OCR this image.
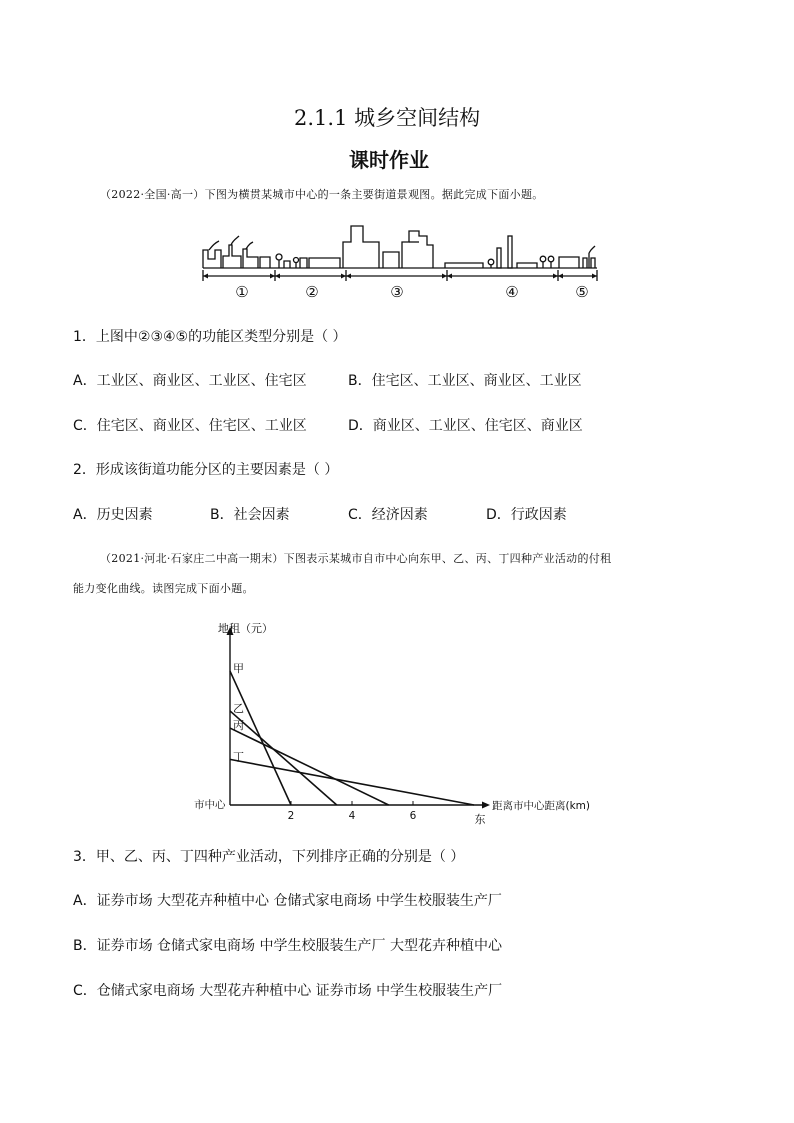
2.1.1 城乡空间结构
课时作业
（2022·全国·高一）下图为横贯某城市中心的一条主要街道景观图。据此完成下面小题。
①	②	③	④	⑤
1．上图中②③④⑤的功能区类型分别是（ ）
A．工业区、商业区、工业区、住宅区	B．住宅区、工业区、商业区、工业区
C．住宅区、商业区、住宅区、工业区	D．商业区、工业区、住宅区、商业区
2．形成该街道功能分区的主要因素是（ ）
A．历史因素	B．社会因素	C．经济因素	D．行政因素
（2021·河北·石家庄二中高一期末）下图表示某城市自市中心向东甲、乙、丙、丁四种产业活动的付租
能力变化曲线。读图完成下面小题。
甲
乙
丙
丁
2	4	6
地租（元）
距离市中心距离(km)
市中心
东
3．甲、乙、丙、丁四种产业活动，下列排序正确的分别是（ ）
A．证券市场 大型花卉种植中心 仓储式家电商场 中学生校服装生产厂
B．证券市场 仓储式家电商场 中学生校服装生产厂 大型花卉种植中心
C．仓储式家电商场 大型花卉种植中心 证券市场 中学生校服装生产厂
